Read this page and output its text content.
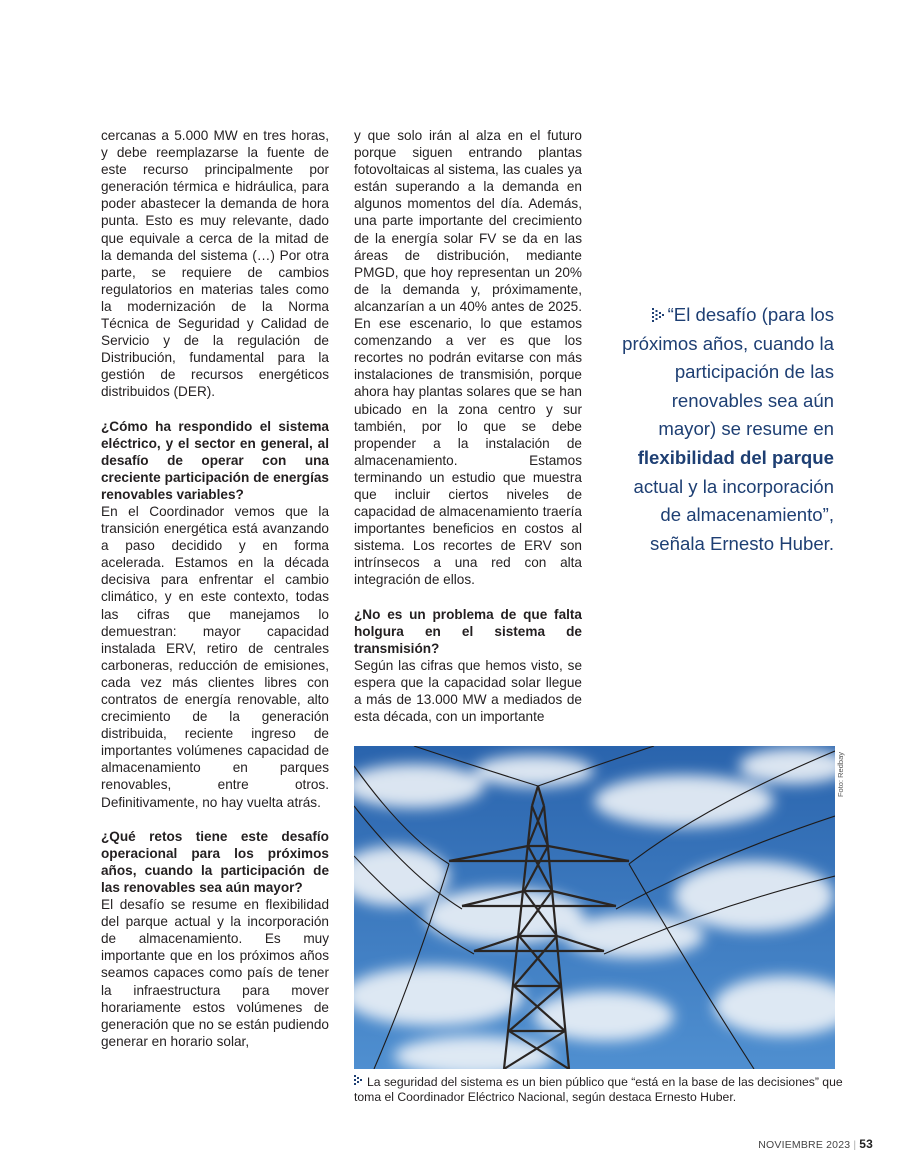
cercanas a 5.000 MW en tres horas, y debe reemplazarse la fuente de este recurso principalmente por generación térmica e hidráulica, para poder abastecer la demanda de hora punta. Esto es muy relevante, dado que equivale a cerca de la mitad de la demanda del sistema (…) Por otra parte, se requiere de cambios regulatorios en materias tales como la modernización de la Norma Técnica de Seguridad y Calidad de Servicio y de la regulación de Distribución, fundamental para la gestión de recursos energéticos distribuidos (DER).

¿Cómo ha respondido el sistema eléctrico, y el sector en general, al desafío de operar con una creciente participación de energías renovables variables?

En el Coordinador vemos que la transición energética está avanzando a paso decidido y en forma acelerada. Estamos en la década decisiva para enfrentar el cambio climático, y en este contexto, todas las cifras que manejamos lo demuestran: mayor capacidad instalada ERV, retiro de centrales carboneras, reducción de emisiones, cada vez más clientes libres con contratos de energía renovable, alto crecimiento de la generación distribuida, reciente ingreso de importantes volúmenes capacidad de almacenamiento en parques renovables, entre otros. Definitivamente, no hay vuelta atrás.

¿Qué retos tiene este desafío operacional para los próximos años, cuando la participación de las renovables sea aún mayor?

El desafío se resume en flexibilidad del parque actual y la incorporación de almacenamiento. Es muy importante que en los próximos años seamos capaces como país de tener la infraestructura para mover horariamente estos volúmenes de generación que no se están pudiendo generar en horario solar,

y que solo irán al alza en el futuro porque siguen entrando plantas fotovoltaicas al sistema, las cuales ya están superando a la demanda en algunos momentos del día. Además, una parte importante del crecimiento de la energía solar FV se da en las áreas de distribución, mediante PMGD, que hoy representan un 20% de la demanda y, próximamente, alcanzarían a un 40% antes de 2025. En ese escenario, lo que estamos comenzando a ver es que los recortes no podrán evitarse con más instalaciones de transmisión, porque ahora hay plantas solares que se han ubicado en la zona centro y sur también, por lo que se debe propender a la instalación de almacenamiento. Estamos terminando un estudio que muestra que incluir ciertos niveles de capacidad de almacenamiento traería importantes beneficios en costos al sistema. Los recortes de ERV son intrínsecos a una red con alta integración de ellos.

¿No es un problema de que falta holgura en el sistema de transmisión?

Según las cifras que hemos visto, se espera que la capacidad solar llegue a más de 13.000 MW a mediados de esta década, con un importante

“El desafío (para los próximos años, cuando la participación de las renovables sea aún mayor) se resume en flexibilidad del parque actual y la incorporación de almacenamiento”, señala Ernesto Huber.
Foto: Redbay
La seguridad del sistema es un bien público que “está en la base de las decisiones” que toma el Coordinador Eléctrico Nacional, según destaca Ernesto Huber.
NOVIEMBRE 2023 | 53
